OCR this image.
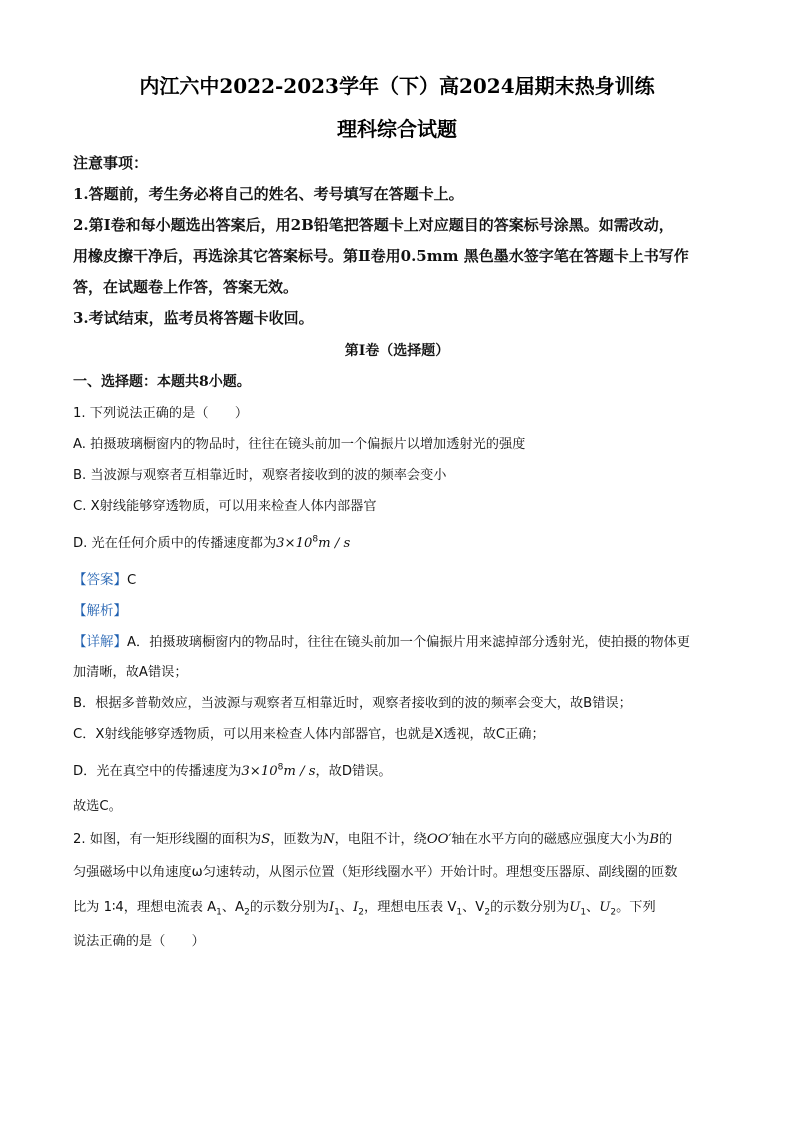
内江六中2022-2023学年（下）高2024届期末热身训练
理科综合试题
注意事项：
1.答题前，考生务必将自己的姓名、考号填写在答题卡上。
2.第Ⅰ卷和每小题选出答案后，用2B铅笔把答题卡上对应题目的答案标号涂黑。如需改动，
用橡皮擦干净后，再选涂其它答案标号。第Ⅱ卷用0.5mm 黑色墨水签字笔在答题卡上书写作
答，在试题卷上作答，答案无效。
3.考试结束，监考员将答题卡收回。
第Ⅰ卷（选择题）
一、选择题：本题共8小题。
1. 下列说法正确的是（　　）
A. 拍摄玻璃橱窗内的物品时，往往在镜头前加一个偏振片以增加透射光的强度
B. 当波源与观察者互相靠近时，观察者接收到的波的频率会变小
C. X射线能够穿透物质，可以用来检查人体内部器官
D. 光在任何介质中的传播速度都为$3\times 10^8m / s$
【答案】C
【解析】
【详解】A．拍摄玻璃橱窗内的物品时，往往在镜头前加一个偏振片用来滤掉部分透射光，使拍摄的物体更
加清晰，故A错误；
B．根据多普勒效应，当波源与观察者互相靠近时，观察者接收到的波的频率会变大，故B错误；
C．X射线能够穿透物质，可以用来检查人体内部器官，也就是X透视，故C正确；
D．光在真空中的传播速度为$3\times 10^8m / s$，故D错误。
故选C。
2. 如图，有一矩形线圈的面积为S，匝数为N，电阻不计，绕OO′轴在水平方向的磁感应强度大小为B的
匀强磁场中以角速度ω匀速转动，从图示位置（矩形线圈水平）开始计时。理想变压器原、副线圈的匝数
比为 1∶4，理想电流表 $A_1$、$A_2$的示数分别为$I_1$、$I_2$，理想电压表 $V_1$、$V_2$的示数分别为$U_1$、$U_2$。下列
说法正确的是（　　）
